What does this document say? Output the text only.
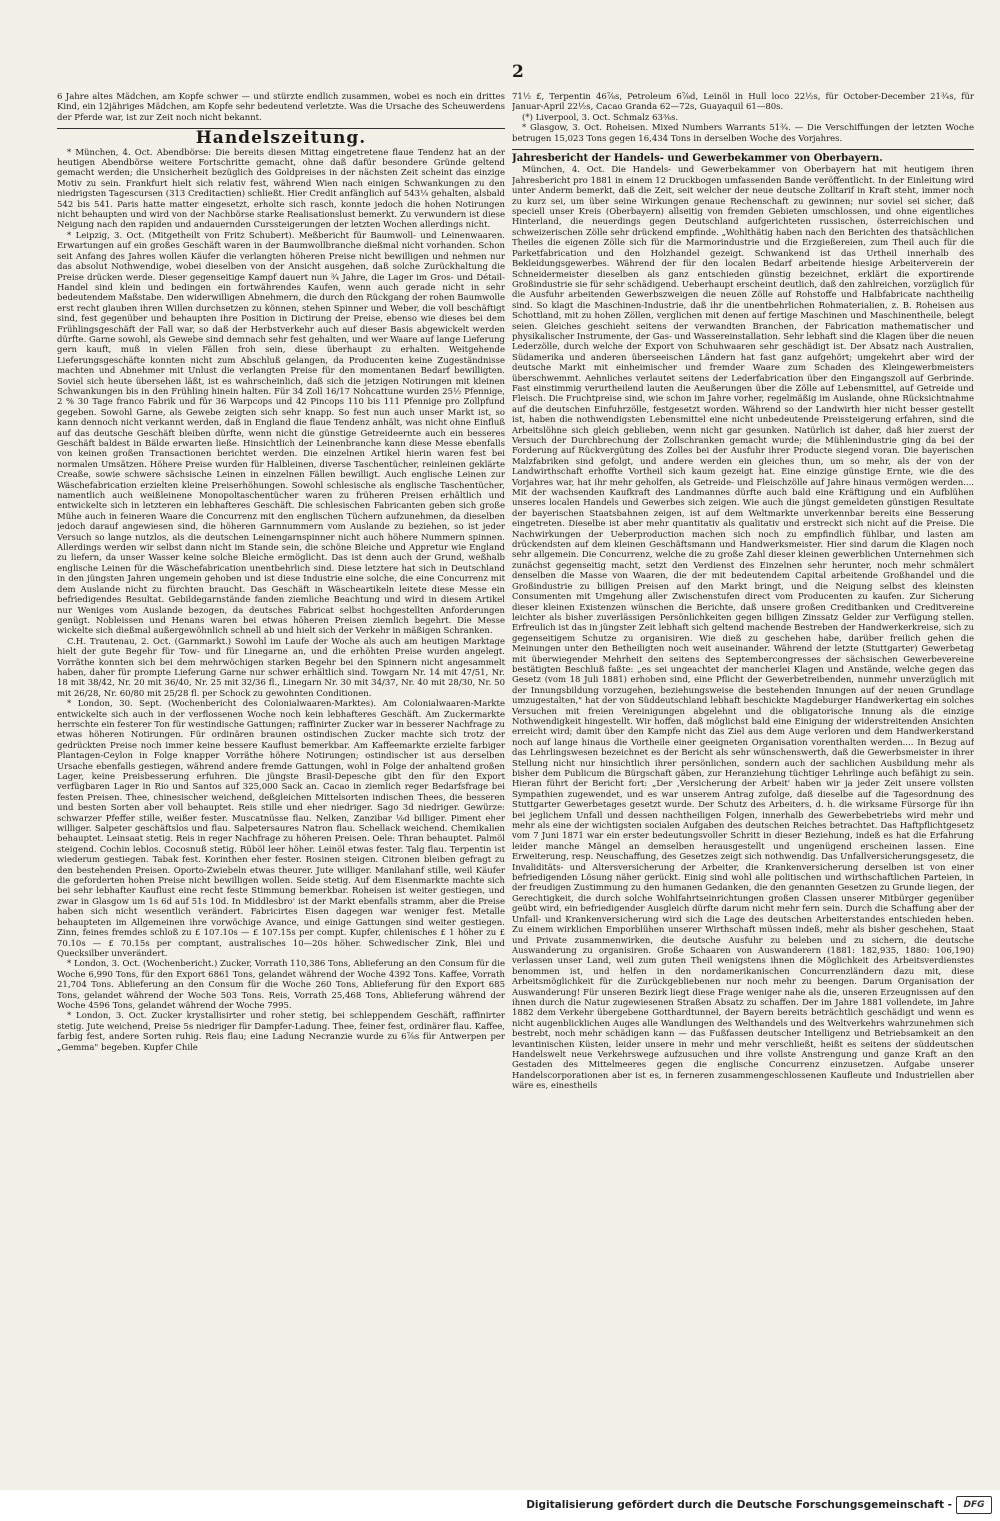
2

6 Jahre altes Mädchen, am Kopfe schwer — und stürzte endlich zusammen, wobei es noch ein drittes Kind, ein 12jähriges Mädchen, am Kopfe sehr bedeutend verletzte. Was die Ursache des Scheuwerdens der Pferde war, ist zur Zeit noch nicht bekannt.

Handelszeitung.

* München, 4. Oct. Abendbörse: Die bereits diesen Mittag eingetretene flaue Tendenz hat an der heutigen Abendbörse weitere Fortschritte gemacht, ohne daß dafür besondere Gründe geltend gemacht werden; die Unsicherheit bezüglich des Goldpreises in der nächsten Zeit scheint das einzige Motiv zu sein. Frankfurt hielt sich relativ fest, während Wien nach einigen Schwankungen zu den niedrigsten Tagescursen (313 Creditactien) schließt. Hier Credit anfänglich auf 543¼ gehalten, alsbald 542 bis 541. Paris hatte matter eingesetzt, erholte sich rasch, konnte jedoch die hohen Notirungen nicht behaupten und wird von der Nachbörse starke Realisationslust bemerkt. Zu verwundern ist diese Neigung nach den rapiden und andauernden Curssteigerungen der letzten Wochen allerdings nicht.

* Leipzig, 3. Oct. (Mitgetheilt von Fritz Schubert). Meßbericht für Baumwoll- und Leinenwaaren. Erwartungen auf ein großes Geschäft waren in der Baumwollbranche dießmal nicht vorhanden. Schon seit Anfang des Jahres wollen Käufer die verlangten höheren Preise nicht bewilligen und nehmen nur das absolut Nothwendige, wobei dieselben von der Ansicht ausgehen, daß solche Zurückhaltung die Preise drücken werde. Dieser gegenseitige Kampf dauert nun ¾ Jahre, die Lager im Gros- und Détail-Handel sind klein und bedingen ein fortwährendes Kaufen, wenn auch gerade nicht in sehr bedeutendem Maßstabe. Den widerwilligen Abnehmern, die durch den Rückgang der rohen Baumwolle erst recht glauben ihren Willen durchsetzen zu können, stehen Spinner und Weber, die voll beschäftigt sind, fest gegenüber und behaupten ihre Position in Dictirung der Preise, ebenso wie dieses bei dem Frühlingsgeschäft der Fall war, so daß der Herbstverkehr auch auf dieser Basis abgewickelt werden dürfte. Garne sowohl, als Gewebe sind demnach sehr fest gehalten, und wer Waare auf lange Lieferung gern kauft, muß in vielen Fällen froh sein, diese überhaupt zu erhalten. Weitgehende Lieferungsgeschäfte konnten nicht zum Abschluß gelangen, da Producenten keine Zugeständnisse machten und Abnehmer mit Unlust die verlangten Preise für den momentanen Bedarf bewilligten. Soviel sich heute übersehen läßt, ist es wahrscheinlich, daß sich die jetzigen Notirungen mit kleinen Schwankungen bis in den Frühling hinein halten. Für 34 Zoll 16/17 Nohcattune wurden 25½ Pfennige, 2 % 30 Tage franco Fabrik und für 36 Warpcops und 42 Pincops 110 bis 111 Pfennige pro Zollpfund gegeben. Sowohl Garne, als Gewebe zeigten sich sehr knapp. So fest nun auch unser Markt ist, so kann dennoch nicht verkannt werden, daß in England die flaue Tendenz anhält, was nicht ohne Einfluß auf das deutsche Geschäft bleiben dürfte, wenn nicht die günstige Getreideernte auch ein besseres Geschäft baldest in Bälde erwarten ließe. Hinsichtlich der Leinenbranche kann diese Messe ebenfalls von keinen großen Transactionen berichtet werden. Die einzelnen Artikel hierin waren fest bei normalen Umsätzen. Höhere Preise wurden für Halbleinen, diverse Taschentücher, reinleinen geklärte Creaße, sowie schwere sächsische Leinen in einzelnen Fällen bewilligt. Auch englische Leinen zur Wäschefabrication erzielten kleine Preiserhöhungen. Sowohl schlesische als englische Taschentücher, namentlich auch weißleinene Monopoltaschentücher waren zu früheren Preisen erhältlich und entwickelte sich in letzteren ein lebhafteres Geschäft. Die schlesischen Fabricanten geben sich große Mühe auch in feineren Waare die Concurrenz mit den englischen Tüchern aufzunehmen, da dieselben jedoch darauf angewiesen sind, die höheren Garnnummern vom Auslande zu beziehen, so ist jeder Versuch so lange nutzlos, als die deutschen Leinengarnspinner nicht auch höhere Nummern spinnen. Allerdings werden wir selbst dann nicht im Stande sein, die schöne Bleiche und Appretur wie England zu liefern, da unser Wasser keine solche Bleiche ermöglicht. Das ist denn auch der Grund, weßhalb englische Leinen für die Wäschefabrication unentbehrlich sind. Diese letztere hat sich in Deutschland in den jüngsten Jahren ungemein gehoben und ist diese Industrie eine solche, die eine Concurrenz mit dem Auslande nicht zu fürchten braucht. Das Geschäft in Wäscheartikeln leitete diese Messe ein befriedigendes Resultat. Gebildegarnstände fanden ziemliche Beachtung und wird in diesem Artikel nur Weniges vom Auslande bezogen, da deutsches Fabricat selbst hochgestellten Anforderungen genügt. Nobleissen und Henans waren bei etwas höheren Preisen ziemlich begehrt. Die Messe wickelte sich dießmal außergewöhnlich schnell ab und hielt sich der Verkehr in mäßigen Schranken.

C.H. Trautenau, 2. Oct. (Garnmarkt.) Sowohl im Laufe der Woche als auch am heutigen Marktage hielt der gute Begehr für Tow- und für Linegarne an, und die erhöhten Preise wurden angelegt. Vorräthe konnten sich bei dem mehrwöchigen starken Begehr bei den Spinnern nicht angesammelt haben, daher für prompte Lieferung Garne nur schwer erhältlich sind. Towgarn Nr. 14 mit 47/51, Nr. 18 mit 38/42, Nr. 20 mit 36/40, Nr. 25 mit 32/36 fl., Linegarn Nr. 30 mit 34/37, Nr. 40 mit 28/30, Nr. 50 mit 26/28, Nr. 60/80 mit 25/28 fl. per Schock zu gewohnten Conditionen.

* London, 30. Sept. (Wochenbericht des Colonialwaaren-Marktes). Am Colonialwaaren-Markte entwickelte sich auch in der verflossenen Woche noch kein lebhafteres Geschäft. Am Zuckermarkte herrschte ein festerer Ton für westindische Gattungen; raffinirter Zucker war in besserer Nachfrage zu etwas höheren Notirungen. Für ordinären braunen ostindischen Zucker machte sich trotz der gedrückten Preise noch immer keine bessere Kauflust bemerkbar. Am Kaffeemarkte erzielte farbiger Plantagen-Ceylon in Folge knapper Vorräthe höhere Notirungen; ostindischer ist aus derselben Ursache ebenfalls gestiegen, während andere fremde Gattungen, wohl in Folge der anhaltend großen Lager, keine Preisbesserung erfuhren. Die jüngste Brasil-Depesche gibt den für den Export verfügbaren Lager in Rio und Santos auf 325,000 Sack an. Cacao in ziemlich reger Bedarfsfrage bei festen Preisen. Thee, chinesischer weichend, deßgleichen Mittelsorten indischen Thees, die besseren und besten Sorten aber voll behauptet. Reis stille und eher niedriger. Sago 3d niedriger. Gewürze: schwarzer Pfeffer stille, weißer fester. Muscatnüsse flau. Nelken, Zanzibar ⅛d billiger. Piment eher williger. Salpeter geschäftslos und flau. Salpetersaures Natron flau. Schellack weichend. Chemikalien behauptet. Leinsaat stetig. Reis in reger Nachfrage zu höheren Preisen. Oele: Thran behauptet. Palmöl steigend. Cochin leblos. Cocosnuß stetig. Rüböl leer höher. Leinöl etwas fester. Talg flau. Terpentin ist wiederum gestiegen. Tabak fest. Korinthen eher fester. Rosinen steigen. Citronen bleiben gefragt zu den bestehenden Preisen. Oporto-Zwiebeln etwas theurer. Jute williger. Manilahanf stille, weil Käufer die geforderten hohen Preise nicht bewilligen wollen. Seide stetig. Auf dem Eisenmarkte machte sich bei sehr lebhafter Kauflust eine recht feste Stimmung bemerkbar. Roheisen ist weiter gestiegen, und zwar in Glasgow um 1s 6d auf 51s 10d. In Middlesbro' ist der Markt ebenfalls stramm, aber die Preise haben sich nicht wesentlich verändert. Fabricirtes Eisen dagegen war weniger fest. Metalle behaupteten im Allgemeinen ihre vorwöchige Avance, und einige Gattungen sind weiter gestiegen. Zinn, feines fremdes schloß zu £ 107.10s — £ 107.15s per compt. Kupfer, chilenisches £ 1 höher zu £ 70.10s — £ 70.15s per comptant, australisches 10—20s höher. Schwedischer Zink, Blei und Quecksilber unverändert.

* London, 3. Oct. (Wochenbericht.) Zucker, Vorrath 110,386 Tons, Ablieferung an den Consum für die Woche 6,990 Tons, für den Export 6861 Tons, gelandet während der Woche 4392 Tons. Kaffee, Vorrath 21,704 Tons. Ablieferung an den Consum für die Woche 260 Tons, Ablieferung für den Export 685 Tons, gelandet während der Woche 503 Tons. Reis, Vorrath 25,468 Tons, Ablieferung während der Woche 4596 Tons, gelandet während der Woche 7995.

* London, 3. Oct. Zucker krystallisirter und roher stetig, bei schleppendem Geschäft, raffinirter stetig. Jute weichend, Preise 5s niedriger für Dampfer-Ladung. Thee, feiner fest, ordinärer flau. Kaffee, farbig fest, andere Sorten ruhig. Reis flau; eine Ladung Necranzie wurde zu 6⅞s für Antwerpen per „Gemma" begeben. Kupfer Chile

71½ £, Terpentin 46⅞s, Petroleum 6⅞d, Leinöl in Hull loco 22½s, für October-December 21¾s, für Januar-April 22½s, Cacao Granda 62—72s, Guayaquil 61—80s.

(*) Liverpool, 3. Oct. Schmalz 63⅜s.

* Glasgow, 3. Oct. Roheisen. Mixed Numbers Warrants 51¾. — Die Verschiffungen der letzten Woche betrugen 15,023 Tons gegen 16,434 Tons in derselben Woche des Vorjahres.

Jahresbericht der Handels- und Gewerbekammer von Oberbayern.

München, 4. Oct. Die Handels- und Gewerbekammer von Oberbayern hat mit heutigem ihren Jahresbericht pro 1881 in einem 12 Druckbogen umfassenden Bande veröffentlicht. In der Einleitung wird unter Anderm bemerkt, daß die Zeit, seit welcher der neue deutsche Zolltarif in Kraft steht, immer noch zu kurz sei, um über seine Wirkungen genaue Rechenschaft zu gewinnen; nur soviel sei sicher, daß speciell unser Kreis (Oberbayern) allseitig von fremden Gebieten umschlossen, und ohne eigentliches Hinterland, die neuerdings gegen Deutschland aufgerichteten russischen, österreichischen und schweizerischen Zölle sehr drückend empfinde. „Wohlthätig haben nach den Berichten des thatsächlichen Theiles die eigenen Zölle sich für die Marmorindustrie und die Erzgießereien, zum Theil auch für die Parketfabrication und den Holzhandel gezeigt. Schwankend ist das Urtheil innerhalb des Bekleidungsgewerbes. Während der für den localen Bedarf arbeitende hiesige Arbeiterverein der Schneidermeister dieselben als ganz entschieden günstig bezeichnet, erklärt die exportirende Großindustrie sie für sehr schädigend. Ueberhaupt erscheint deutlich, daß den zahlreichen, vorzüglich für die Ausfuhr arbeitenden Gewerbszweigen die neuen Zölle auf Rohstoffe und Halbfabricate nachtheilig sind. So klagt die Maschinen-Industrie, daß ihr die unentbehrlichen Rohmaterialien, z. B. Roheisen aus Schottland, mit zu hohen Zöllen, verglichen mit denen auf fertige Maschinen und Maschinentheile, belegt seien. Gleiches geschieht seitens der verwandten Branchen, der Fabrication mathematischer und physikalischer Instrumente, der Gas- und Wassereinstallation. Sehr lebhaft sind die Klagen über die neuen Lederzölle, durch welche der Export von Schuhwaaren sehr geschädigt ist. Der Absatz nach Australien, Südamerika und anderen überseeischen Ländern hat fast ganz aufgehört; umgekehrt aber wird der deutsche Markt mit einheimischer und fremder Waare zum Schaden des Kleingewerbmeisters überschwemmt. Aehnliches verlautet seitens der Lederfabrication über den Eingangszoll auf Gerbrinde. Fast einstimmig verurtheilend lauten die Aeußerungen über die Zölle auf Lebensmittel, auf Getreide und Fleisch. Die Fruchtpreise sind, wie schon im Jahre vorher, regelmäßig im Auslande, ohne Rücksichtnahme auf die deutschen Einfuhrzölle, festgesetzt worden. Während so der Landwirth hier nicht besser gestellt ist, haben die nothwendigsten Lebensmittel eine nicht unbedeutende Preissteigerung erfahren, sind die Arbeitslöhne sich gleich geblieben, wenn nicht gar gesunken. Natürlich ist daher, daß hier zuerst der Versuch der Durchbrechung der Zollschranken gemacht wurde; die Mühlenindustrie ging da bei der Forderung auf Rückvergütung des Zolles bei der Ausfuhr ihrer Producte siegend voran. Die bayerischen Malzfabriken sind gefolgt, und andere werden ein gleiches thun, um so mehr, als der von der Landwirthschaft erhoffte Vortheil sich kaum gezeigt hat. Eine einzige günstige Ernte, wie die des Vorjahres war, hat ihr mehr geholfen, als Getreide- und Fleischzölle auf Jahre hinaus vermögen werden.... Mit der wachsenden Kaufkraft des Landmannes dürfte auch bald eine Kräftigung und ein Aufblühen unseres localen Handels und Gewerbes sich zeigen. Wie auch die jüngst gemeldeten günstigen Resultate der bayerischen Staatsbahnen zeigen, ist auf dem Weltmarkte unverkennbar bereits eine Besserung eingetreten. Dieselbe ist aber mehr quantitativ als qualitativ und erstreckt sich nicht auf die Preise. Die Nachwirkungen der Ueberproduction machen sich noch zu empfindlich fühlbar, und lasten am drückendsten auf dem kleinen Geschäftsmann und Handwerksmeister. Hier sind darum die Klagen noch sehr allgemein. Die Concurrenz, welche die zu große Zahl dieser kleinen gewerblichen Unternehmen sich zunächst gegenseitig macht, setzt den Verdienst des Einzelnen sehr herunter, noch mehr schmälert denselben die Masse von Waaren, die der mit bedeutendem Capital arbeitende Großhandel und die Großindustrie zu billigen Preisen auf den Markt bringt, und die Neigung selbst des kleinsten Consumenten mit Umgehung aller Zwischenstufen direct vom Producenten zu kaufen. Zur Sicherung dieser kleinen Existenzen wünschen die Berichte, daß unsere großen Creditbanken und Creditvereine leichter als bisher zuverlässigen Persönlichkeiten gegen billigen Zinssatz Gelder zur Verfügung stellen. Erfreulich ist das in jüngster Zeit lebhaft sich geltend machende Bestreben der Handwerkerkreise, sich zu gegenseitigem Schutze zu organisiren. Wie dieß zu geschehen habe, darüber freilich gehen die Meinungen unter den Betheiligten noch weit auseinander. Während der letzte (Stuttgarter) Gewerbetag mit überwiegender Mehrheit den seitens des Septembercongresses der sächsischen Gewerbevereine bestätigten Beschluß faßte: „es sei ungeachtet der mancherlei Klagen und Anstände, welche gegen das Gesetz (vom 18 Juli 1881) erhoben sind, eine Pflicht der Gewerbetreibenden, nunmehr unverzüglich mit der Innungsbildung vorzugehen, beziehungsweise die bestehenden Innungen auf der neuen Grundlage umzugestalten," hat der von Süddeutschland lebhaft beschickte Magdeburger Handwerkertag ein solches Versuchen mit freien Vereinigungen abgelehnt und die obligatorische Innung als die einzige Nothwendigkeit hingestellt. Wir hoffen, daß möglichst bald eine Einigung der widerstreitenden Ansichten erreicht wird; damit über den Kampfe nicht das Ziel aus dem Auge verloren und dem Handwerkerstand noch auf lange hinaus die Vortheile einer geeigneten Organisation vorenthalten werden.... In Bezug auf das Lehrlingswesen bezeichnet es der Bericht als sehr wünschenswerth, daß die Gewerbsmeister in ihrer Stellung nicht nur hinsichtlich ihrer persönlichen, sondern auch der sachlichen Ausbildung mehr als bisher dem Publicum die Bürgschaft gäben, zur Heranziehung tüchtiger Lehrlinge auch befähigt zu sein. Hieran führt der Bericht fort: „Der ‚Versicherung der Arbeit' haben wir ja jeder Zeit unsere vollsten Sympathien zugewendet, und es war unserem Antrag zufolge, daß dieselbe auf die Tagesordnung des Stuttgarter Gewerbetages gesetzt wurde. Der Schutz des Arbeiters, d. h. die wirksame Fürsorge für ihn bei jeglichem Unfall und dessen nachtheiligen Folgen, innerhalb des Gewerbebetriebs wird mehr und mehr als eine der wichtigsten socialen Aufgaben des deutschen Reiches betrachtet. Das Haftpflichtgesetz vom 7 Juni 1871 war ein erster bedeutungsvoller Schritt in dieser Beziehung, indeß es hat die Erfahrung leider manche Mängel an demselben herausgestellt und ungenügend erscheinen lassen. Eine Erweiterung, resp. Neuschaffung, des Gesetzes zeigt sich nothwendig. Das Unfallversicherungsgesetz, die Invaliditäts- und Altersversicherung der Arbeiter, die Krankenversicherung derselben ist von einer befriedigenden Lösung näher gerückt. Einig sind wohl alle politischen und wirthschaftlichen Parteien, in der freudigen Zustimmung zu den humanen Gedanken, die den genannten Gesetzen zu Grunde liegen, der Gerechtigkeit, die durch solche Wohlfahrtseinrichtungen großen Classen unserer Mitbürger gegenüber geübt wird, ein befriedigender Ausgleich dürfte darum nicht mehr fern sein. Durch die Schaffung aber der Unfall- und Krankenversicherung wird sich die Lage des deutschen Arbeiterstandes entschieden heben. Zu einem wirklichen Emporblühen unserer Wirthschaft müssen indeß, mehr als bisher geschehen, Staat und Private zusammenwirken, die deutsche Ausfuhr zu beleben und zu sichern, die deutsche Auswanderung zu organisiren. Große Schaaren von Auswanderern (1881: 182,935, 1880: 106,190) verlassen unser Land, weil zum guten Theil wenigstens ihnen die Möglichkeit des Arbeitsverdienstes benommen ist, und helfen in den nordamerikanischen Concurrenzländern dazu mit, diese Arbeitsmöglichkeit für die Zurückgebliebenen nur noch mehr zu beengen. Darum Organisation der Auswanderung! Für unseren Bezirk liegt diese Frage weniger nahe als die, unseren Erzeugnissen auf den ihnen durch die Natur zugewiesenen Straßen Absatz zu schaffen. Der im Jahre 1881 vollendete, im Jahre 1882 dem Verkehr übergebene Gotthardtunnel, der Bayern bereits beträchtlich geschädigt und wenn es nicht augenblicklichen Auges alle Wandlungen des Welthandels und des Weltverkehrs wahrzunehmen sich bestrebt, noch mehr schädigen kann — das Fußfassen deutscher Intelligenz und Betriebsamkeit an den levantinischen Küsten, leider unsere in mehr und mehr verschließt, heißt es seitens der süddeutschen Handelswelt neue Verkehrswege aufzusuchen und ihre vollste Anstrengung und ganze Kraft an den Gestaden des Mittelmeeres gegen die englische Concurrenz einzusetzen. Aufgabe unserer Handelscorporationen aber ist es, in ferneren zusammengeschlossenen Kaufleute und Industriellen aber wäre es, einestheils

Digitalisierung gefördert durch die Deutsche Forschungsgemeinschaft -	DFG
